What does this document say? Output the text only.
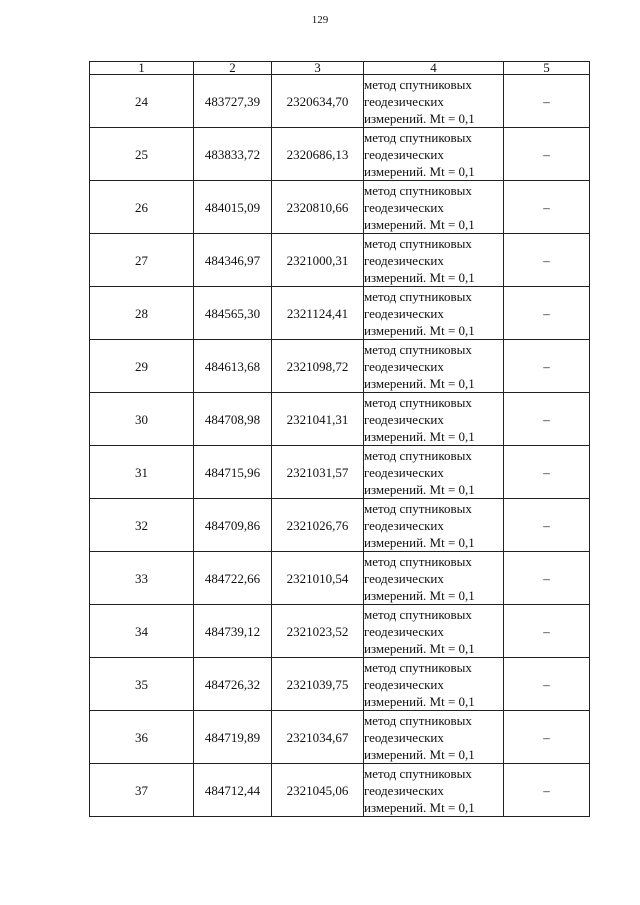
129
1	2	3	4	5
24	483727,39	2320634,70	метод спутниковых
геодезических
измерений. Mt = 0,1	–
25	483833,72	2320686,13	метод спутниковых
геодезических
измерений. Mt = 0,1	–
26	484015,09	2320810,66	метод спутниковых
геодезических
измерений. Mt = 0,1	–
27	484346,97	2321000,31	метод спутниковых
геодезических
измерений. Mt = 0,1	–
28	484565,30	2321124,41	метод спутниковых
геодезических
измерений. Mt = 0,1	–
29	484613,68	2321098,72	метод спутниковых
геодезических
измерений. Mt = 0,1	–
30	484708,98	2321041,31	метод спутниковых
геодезических
измерений. Mt = 0,1	–
31	484715,96	2321031,57	метод спутниковых
геодезических
измерений. Mt = 0,1	–
32	484709,86	2321026,76	метод спутниковых
геодезических
измерений. Mt = 0,1	–
33	484722,66	2321010,54	метод спутниковых
геодезических
измерений. Mt = 0,1	–
34	484739,12	2321023,52	метод спутниковых
геодезических
измерений. Mt = 0,1	–
35	484726,32	2321039,75	метод спутниковых
геодезических
измерений. Mt = 0,1	–
36	484719,89	2321034,67	метод спутниковых
геодезических
измерений. Mt = 0,1	–
37	484712,44	2321045,06	метод спутниковых
геодезических
измерений. Mt = 0,1	–
